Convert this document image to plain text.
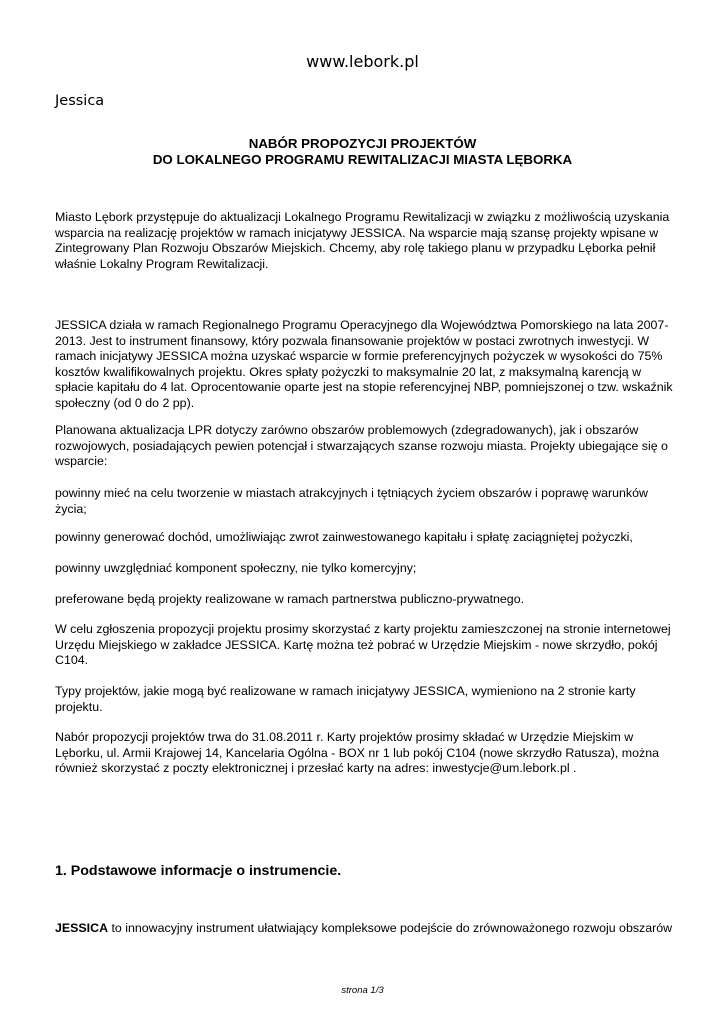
www.lebork.pl
Jessica
NABÓR PROPOZYCJI PROJEKTÓW
DO LOKALNEGO PROGRAMU REWITALIZACJI MIASTA LĘBORKA

Miasto Lębork przystępuje do aktualizacji Lokalnego Programu Rewitalizacji w związku z możliwością uzyskania wsparcia na realizację projektów w ramach inicjatywy JESSICA. Na wsparcie mają szansę projekty wpisane w Zintegrowany Plan Rozwoju Obszarów Miejskich. Chcemy, aby rolę takiego planu w przypadku Lęborka pełnił właśnie Lokalny Program Rewitalizacji.

JESSICA działa w ramach Regionalnego Programu Operacyjnego dla Województwa Pomorskiego na lata 2007-2013. Jest to instrument finansowy, który pozwala finansowanie projektów w postaci zwrotnych inwestycji. W ramach inicjatywy JESSICA można uzyskać wsparcie w formie preferencyjnych pożyczek w wysokości do 75% kosztów kwalifikowalnych projektu. Okres spłaty pożyczki to maksymalnie 20 lat, z maksymalną karencją w spłacie kapitału do 4 lat. Oprocentowanie oparte jest na stopie referencyjnej NBP, pomniejszonej o tzw. wskaźnik społeczny (od 0 do 2 pp).

Planowana aktualizacja LPR dotyczy zarówno obszarów problemowych (zdegradowanych), jak i obszarów rozwojowych, posiadających pewien potencjał i stwarzających szanse rozwoju miasta. Projekty ubiegające się o wsparcie:

powinny mieć na celu tworzenie w miastach atrakcyjnych i tętniących życiem obszarów i poprawę warunków życia;

powinny generować dochód, umożliwiając zwrot zainwestowanego kapitału i spłatę zaciągniętej pożyczki,

powinny uwzględniać komponent społeczny, nie tylko komercyjny;

preferowane będą projekty realizowane w ramach partnerstwa publiczno-prywatnego.

W celu zgłoszenia propozycji projektu prosimy skorzystać z karty projektu zamieszczonej na stronie internetowej Urzędu Miejskiego w zakładce JESSICA. Kartę można też pobrać w Urzędzie Miejskim - nowe skrzydło, pokój C104.

Typy projektów, jakie mogą być realizowane w ramach inicjatywy JESSICA, wymieniono na 2 stronie karty projektu.

Nabór propozycji projektów trwa do 31.08.2011 r. Karty projektów prosimy składać w Urzędzie Miejskim w Lęborku, ul. Armii Krajowej 14, Kancelaria Ogólna - BOX nr 1 lub pokój C104 (nowe skrzydło Ratusza), można również skorzystać z poczty elektronicznej i przesłać karty na adres: inwestycje@um.lebork.pl .

1. Podstawowe informacje o instrumencie.

JESSICA to innowacyjny instrument ułatwiający kompleksowe podejście do zrównoważonego rozwoju obszarów

strona 1/3
